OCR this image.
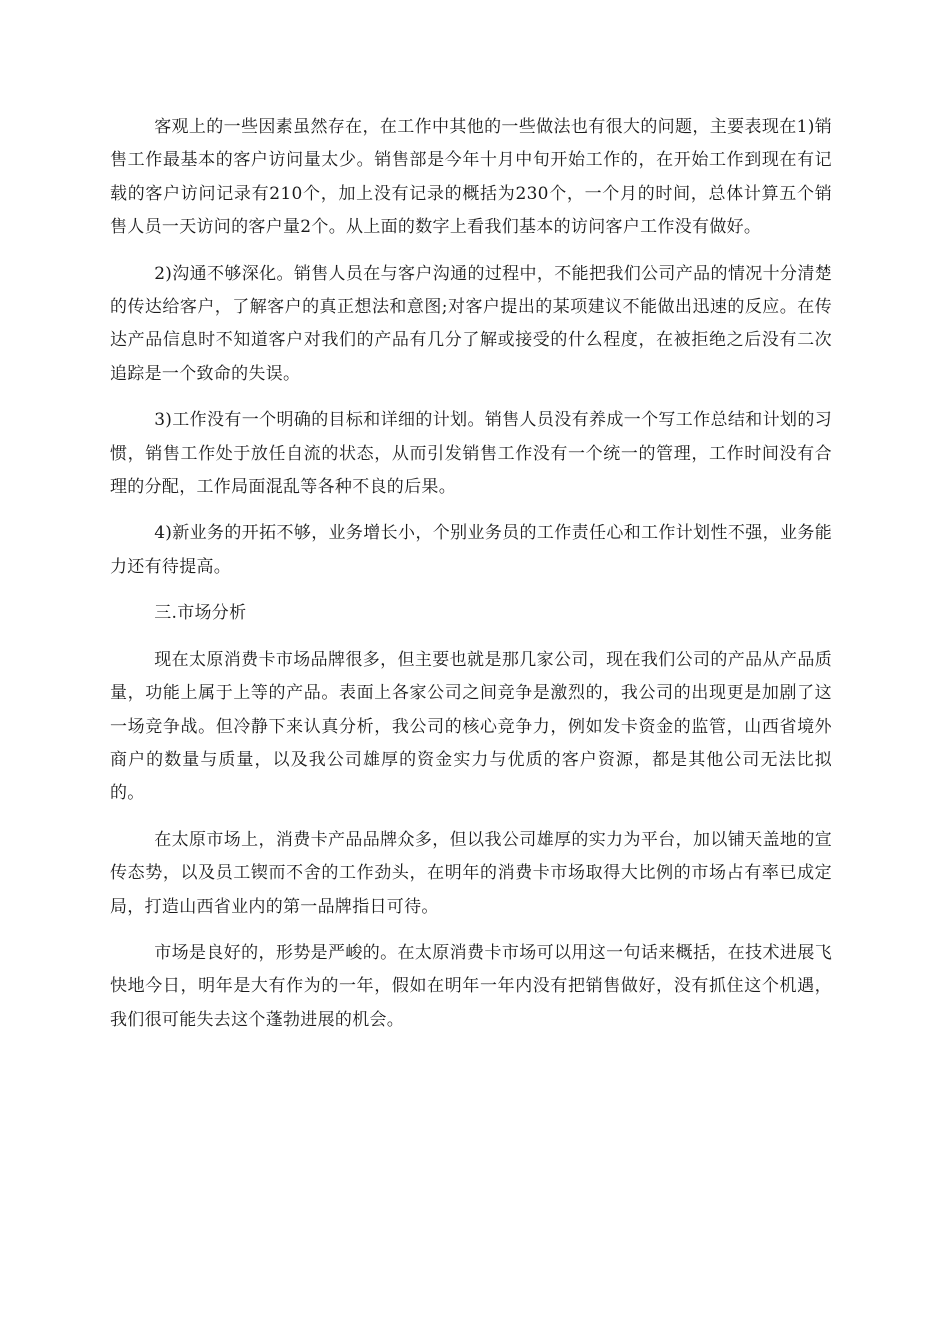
客观上的一些因素虽然存在，在工作中其他的一些做法也有很大的问题，主要表现在1)销售工作最基本的客户访问量太少。销售部是今年十月中旬开始工作的，在开始工作到现在有记载的客户访问记录有210个，加上没有记录的概括为230个，一个月的时间，总体计算五个销售人员一天访问的客户量2个。从上面的数字上看我们基本的访问客户工作没有做好。

2)沟通不够深化。销售人员在与客户沟通的过程中，不能把我们公司产品的情况十分清楚的传达给客户，了解客户的真正想法和意图;对客户提出的某项建议不能做出迅速的反应。在传达产品信息时不知道客户对我们的产品有几分了解或接受的什么程度，在被拒绝之后没有二次追踪是一个致命的失误。

3)工作没有一个明确的目标和详细的计划。销售人员没有养成一个写工作总结和计划的习惯，销售工作处于放任自流的状态，从而引发销售工作没有一个统一的管理，工作时间没有合理的分配，工作局面混乱等各种不良的后果。

4)新业务的开拓不够，业务增长小，个别业务员的工作责任心和工作计划性不强，业务能力还有待提高。

三.市场分析

现在太原消费卡市场品牌很多，但主要也就是那几家公司，现在我们公司的产品从产品质量，功能上属于上等的产品。表面上各家公司之间竞争是激烈的，我公司的出现更是加剧了这一场竞争战。但冷静下来认真分析，我公司的核心竞争力，例如发卡资金的监管，山西省境外商户的数量与质量，以及我公司雄厚的资金实力与优质的客户资源，都是其他公司无法比拟的。

在太原市场上，消费卡产品品牌众多，但以我公司雄厚的实力为平台，加以铺天盖地的宣传态势，以及员工锲而不舍的工作劲头，在明年的消费卡市场取得大比例的市场占有率已成定局，打造山西省业内的第一品牌指日可待。

市场是良好的，形势是严峻的。在太原消费卡市场可以用这一句话来概括，在技术进展飞快地今日，明年是大有作为的一年，假如在明年一年内没有把销售做好，没有抓住这个机遇，我们很可能失去这个蓬勃进展的机会。
